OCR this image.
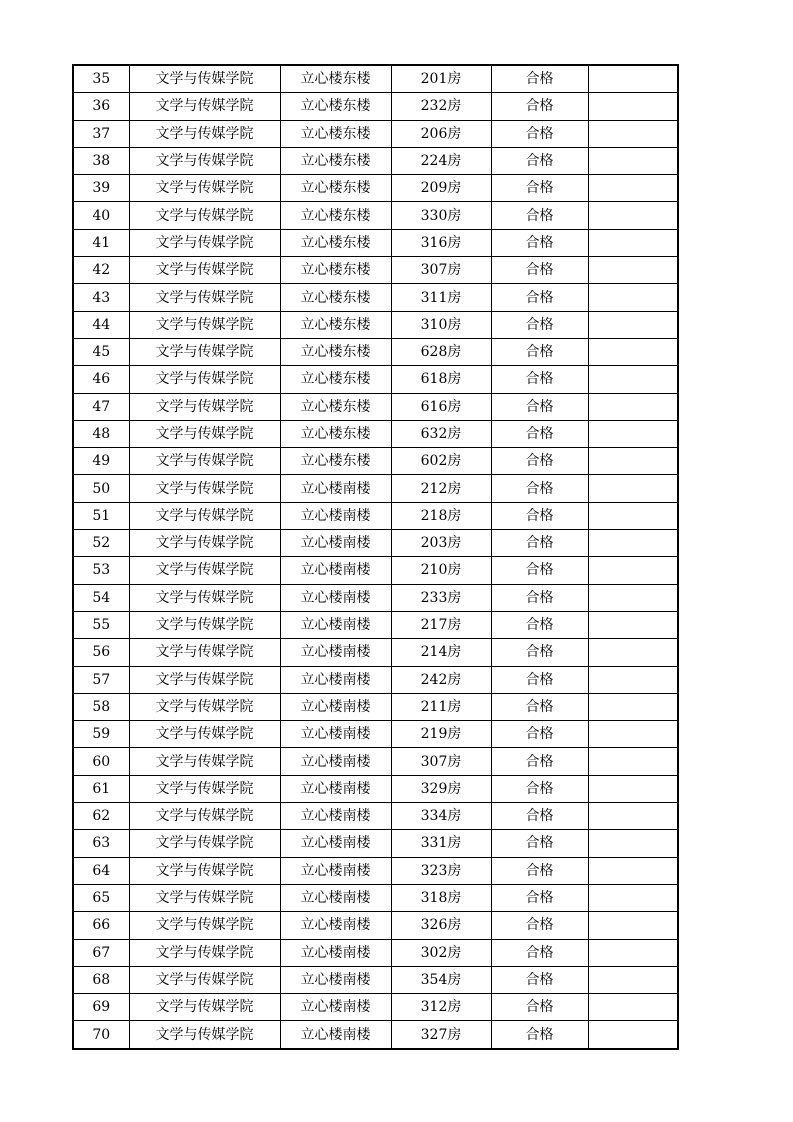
35	文学与传媒学院	立心楼东楼	201房	合格	
36	文学与传媒学院	立心楼东楼	232房	合格	
37	文学与传媒学院	立心楼东楼	206房	合格	
38	文学与传媒学院	立心楼东楼	224房	合格	
39	文学与传媒学院	立心楼东楼	209房	合格	
40	文学与传媒学院	立心楼东楼	330房	合格	
41	文学与传媒学院	立心楼东楼	316房	合格	
42	文学与传媒学院	立心楼东楼	307房	合格	
43	文学与传媒学院	立心楼东楼	311房	合格	
44	文学与传媒学院	立心楼东楼	310房	合格	
45	文学与传媒学院	立心楼东楼	628房	合格	
46	文学与传媒学院	立心楼东楼	618房	合格	
47	文学与传媒学院	立心楼东楼	616房	合格	
48	文学与传媒学院	立心楼东楼	632房	合格	
49	文学与传媒学院	立心楼东楼	602房	合格	
50	文学与传媒学院	立心楼南楼	212房	合格	
51	文学与传媒学院	立心楼南楼	218房	合格	
52	文学与传媒学院	立心楼南楼	203房	合格	
53	文学与传媒学院	立心楼南楼	210房	合格	
54	文学与传媒学院	立心楼南楼	233房	合格	
55	文学与传媒学院	立心楼南楼	217房	合格	
56	文学与传媒学院	立心楼南楼	214房	合格	
57	文学与传媒学院	立心楼南楼	242房	合格	
58	文学与传媒学院	立心楼南楼	211房	合格	
59	文学与传媒学院	立心楼南楼	219房	合格	
60	文学与传媒学院	立心楼南楼	307房	合格	
61	文学与传媒学院	立心楼南楼	329房	合格	
62	文学与传媒学院	立心楼南楼	334房	合格	
63	文学与传媒学院	立心楼南楼	331房	合格	
64	文学与传媒学院	立心楼南楼	323房	合格	
65	文学与传媒学院	立心楼南楼	318房	合格	
66	文学与传媒学院	立心楼南楼	326房	合格	
67	文学与传媒学院	立心楼南楼	302房	合格	
68	文学与传媒学院	立心楼南楼	354房	合格	
69	文学与传媒学院	立心楼南楼	312房	合格	
70	文学与传媒学院	立心楼南楼	327房	合格	
